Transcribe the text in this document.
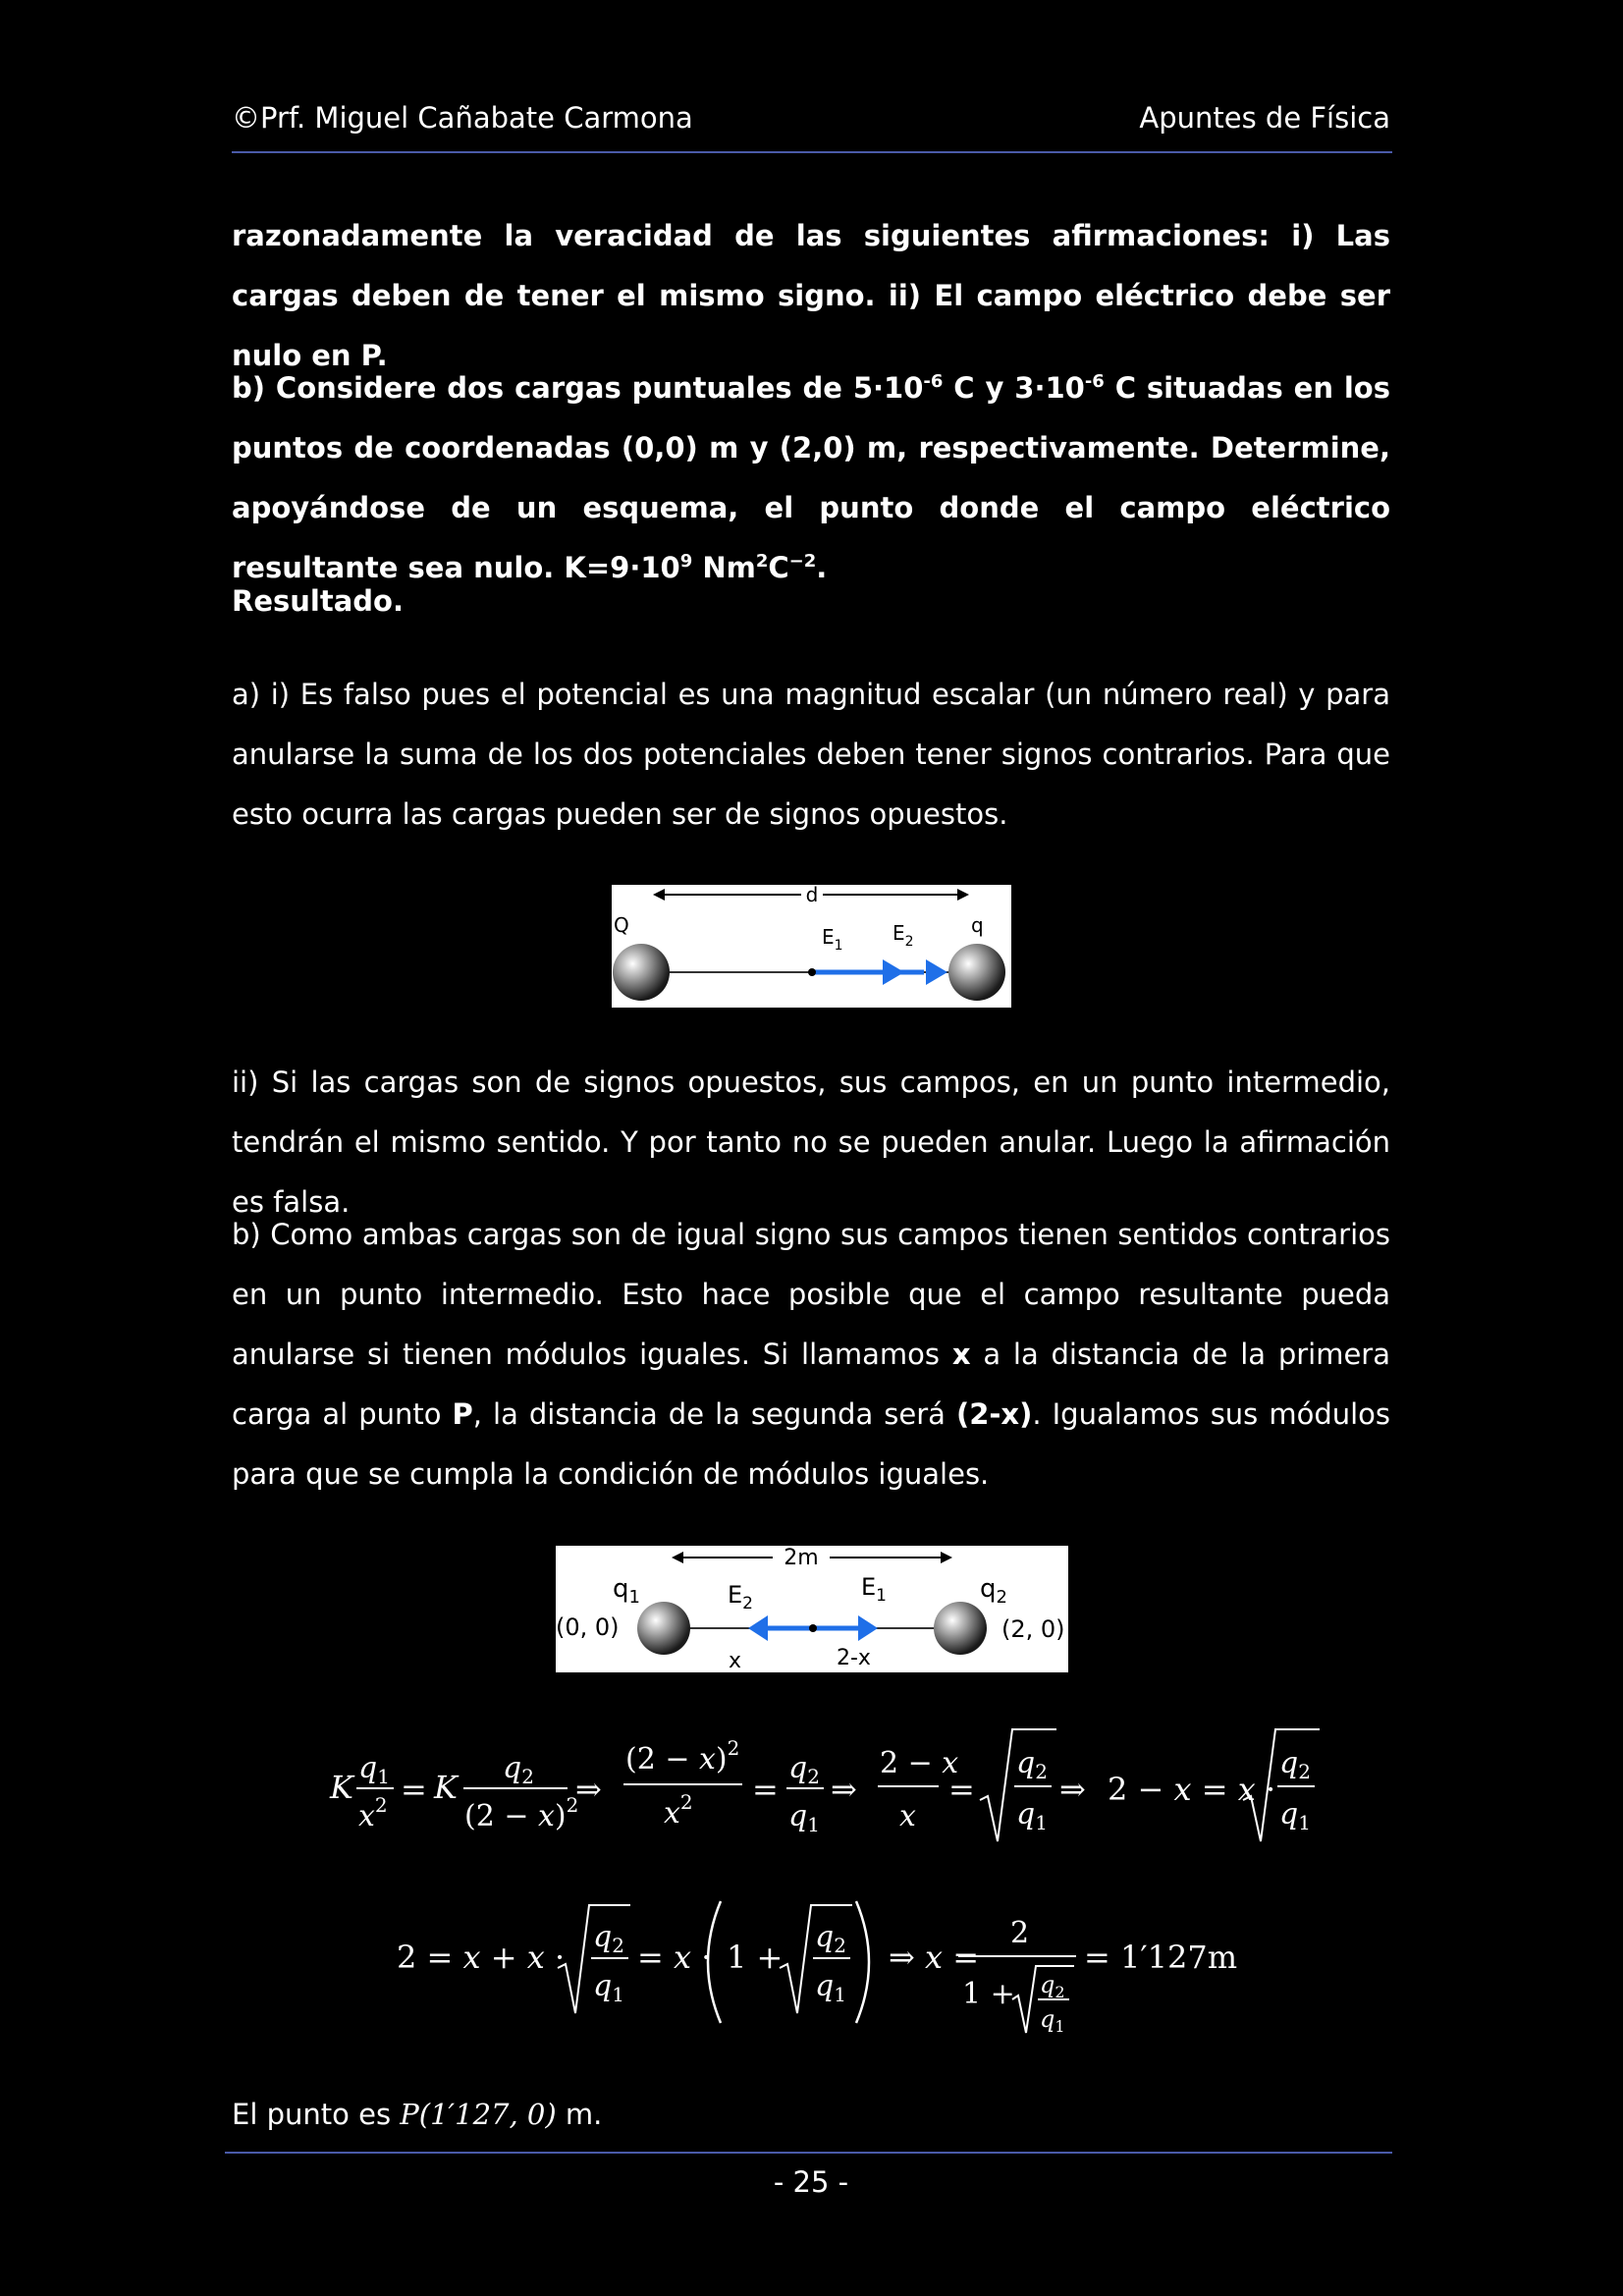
©Prf. Miguel Cañabate Carmona	Apuntes de Física

razonadamente la veracidad de las siguientes afirmaciones: i) Las cargas deben de tener el mismo signo. ii) El campo eléctrico debe ser nulo en P.

b) Considere dos cargas puntuales de $5\cdot 10^{-6}$ C y $3\cdot 10^{-6}$ C situadas en los puntos de coordenadas (0,0) m y (2,0) m, respectivamente. Determine, apoyándose de un esquema, el punto donde el campo eléctrico resultante sea nulo. $K=9\cdot 10^9$ $Nm^2C^{-2}$.

Resultado.

a) i) Es falso pues el potencial es una magnitud escalar (un número real) y para anularse la suma de los dos potenciales deben tener signos contrarios. Para que esto ocurra las cargas pueden ser de signos opuestos.

d
Q	q
$E_1$
$E_2$

ii) Si las cargas son de signos opuestos, sus campos, en un punto intermedio, tendrán el mismo sentido. Y por tanto no se pueden anular. Luego la afirmación es falsa.

b) Como ambas cargas son de igual signo sus campos tienen sentidos contrarios en un punto intermedio. Esto hace posible que el campo resultante pueda anularse si tienen módulos iguales. Si llamamos x a la distancia de la primera carga al punto P, la distancia de la segunda será (2-x). Igualamos sus módulos para que se cumpla la condición de módulos iguales.

2m
$q_1$	$q_2$
$E_2$
$E_1$
(0, 0)	(2, 0)
x	2-x
K
$q_1$
$x^2 = K$
$q_2$
$(2 - x)^2$
⇒
$(2 - x)^2$
$x^2$ =
$q_2$
$q_1$
⇒
2 − x
x
=
$q_2$
$q_1$
⇒ 2 − x = x ·
$q_2$
$q_1$
2 = x + x ·
$q_2$
$q_1$
= x · 1 +
$q_2$
$q_1$
⇒ x =
2
$1 + q_2$
$q_1$
= 1′127m

El punto es P(1′127, 0) m.

- 25 -
